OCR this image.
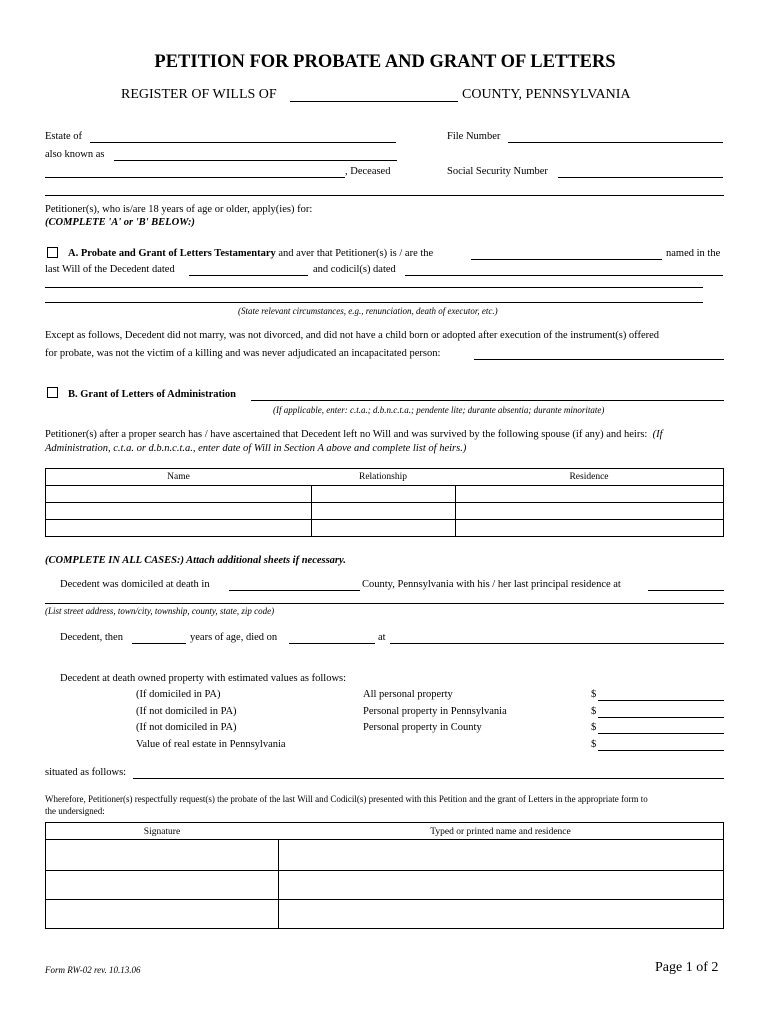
PETITION FOR PROBATE AND GRANT OF LETTERS
REGISTER OF WILLS OF	COUNTY, PENNSYLVANIA
Estate of	File Number
also known as
, Deceased	Social Security Number
Petitioner(s), who is/are 18 years of age or older, apply(ies) for:
(COMPLETE 'A' or 'B' BELOW:)
A. Probate and Grant of Letters Testamentary and aver that Petitioner(s) is / are the	named in the
last Will of the Decedent dated	and codicil(s) dated
(State relevant circumstances, e.g., renunciation, death of executor, etc.)
Except as follows, Decedent did not marry, was not divorced, and did not have a child born or adopted after execution of the instrument(s) offered
for probate, was not the victim of a killing and was never adjudicated an incapacitated person:
B. Grant of Letters of Administration
(If applicable, enter: c.t.a.; d.b.n.c.t.a.; pendente lite; durante absentia; durante minoritate)
Petitioner(s) after a proper search has / have ascertained that Decedent left no Will and was survived by the following spouse (if any) and heirs: (If
Administration, c.t.a. or d.b.n.c.t.a., enter date of Will in Section A above and complete list of heirs.)
Name	Relationship	Residence
(COMPLETE IN ALL CASES:) Attach additional sheets if necessary.
Decedent was domiciled at death in	County, Pennsylvania with his / her last principal residence at
(List street address, town/city, township, county, state, zip code)
Decedent, then	years of age, died on	at
Decedent at death owned property with estimated values as follows:
(If domiciled in PA)	All personal property	$
(If not domiciled in PA)	Personal property in Pennsylvania	$
(If not domiciled in PA)	Personal property in County	$
Value of real estate in Pennsylvania	$
situated as follows:
Wherefore, Petitioner(s) respectfully request(s) the probate of the last Will and Codicil(s) presented with this Petition and the grant of Letters in the appropriate form to
the undersigned:
Signature	Typed or printed name and residence
Form RW-02 rev. 10.13.06	Page 1 of 2
